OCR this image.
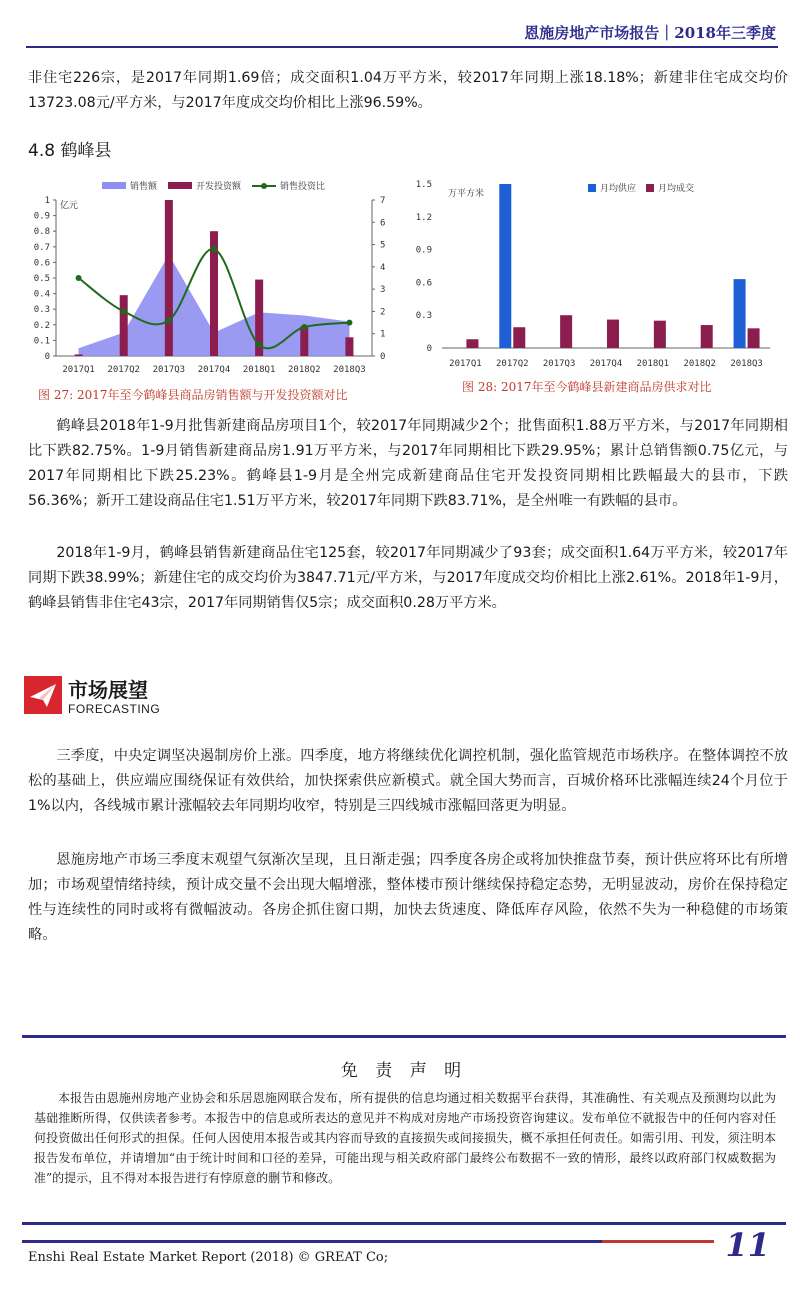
恩施房地产市场报告｜2018年三季度

非住宅226宗，是2017年同期1.69倍；成交面积1.04万平方米，较2017年同期上涨18.18%；新建非住宅成交均价13723.08元/平方米，与2017年度成交均价相比上涨96.59%。

4.8 鹤峰县
销售额	开发投资额	销售投资比
亿元
0
0.1
0.2
0.3
0.4
0.5
0.6
0.7
0.8
0.9
1
0
1
2
3
4
5
6
7
2017Q1 2017Q2 2017Q3 2017Q4 2018Q1 2018Q2 2018Q3
图 27: 2017年至今鹤峰县商品房销售额与开发投资额对比
万平方米	月均供应 月均成交
0
0.3
0.6
0.9
1.2
1.5
2017Q1 2017Q2 2017Q3 2017Q4 2018Q1 2018Q2 2018Q3
图 28: 2017年至今鹤峰县新建商品房供求对比

鹤峰县2018年1-9月批售新建商品房项目1个，较2017年同期减少2个；批售面积1.88万平方米，与2017年同期相比下跌82.75%。1-9月销售新建商品房1.91万平方米，与2017年同期相比下跌29.95%；累计总销售额0.75亿元，与2017年同期相比下跌25.23%。鹤峰县1-9月是全州完成新建商品住宅开发投资同期相比跌幅最大的县市，下跌56.36%；新开工建设商品住宅1.51万平方米，较2017年同期下跌83.71%，是全州唯一有跌幅的县市。

2018年1-9月，鹤峰县销售新建商品住宅125套，较2017年同期减少了93套；成交面积1.64万平方米，较2017年同期下跌38.99%；新建住宅的成交均价为3847.71元/平方米，与2017年度成交均价相比上涨2.61%。2018年1-9月，鹤峰县销售非住宅43宗，2017年同期销售仅5宗；成交面积0.28万平方米。

市场展望
FORECASTING

三季度，中央定调坚决遏制房价上涨。四季度，地方将继续优化调控机制，强化监管规范市场秩序。在整体调控不放松的基础上，供应端应围绕保证有效供给，加快探索供应新模式。就全国大势而言，百城价格环比涨幅连续24个月位于1%以内，各线城市累计涨幅较去年同期均收窄，特别是三四线城市涨幅回落更为明显。

恩施房地产市场三季度末观望气氛渐次呈现，且日渐走强；四季度各房企或将加快推盘节奏，预计供应将环比有所增加；市场观望情绪持续，预计成交量不会出现大幅增涨，整体楼市预计继续保持稳定态势，无明显波动，房价在保持稳定性与连续性的同时或将有微幅波动。各房企抓住窗口期，加快去货速度、降低库存风险，依然不失为一种稳健的市场策略。

免 责 声 明

本报告由恩施州房地产业协会和乐居恩施网联合发布，所有提供的信息均通过相关数据平台获得，其准确性、有关观点及预测均以此为基础推断所得，仅供读者参考。本报告中的信息或所表达的意见并不构成对房地产市场投资咨询建议。发布单位不就报告中的任何内容对任何投资做出任何形式的担保。任何人因使用本报告或其内容而导致的直接损失或间接损失，概不承担任何责任。如需引用、刊发，须注明本报告发布单位，并请增加“由于统计时间和口径的差异，可能出现与相关政府部门最终公布数据不一致的情形，最终以政府部门权威数据为准”的提示，且不得对本报告进行有悖原意的删节和修改。

Enshi Real Estate Market Report (2018) © GREAT Co;	11
